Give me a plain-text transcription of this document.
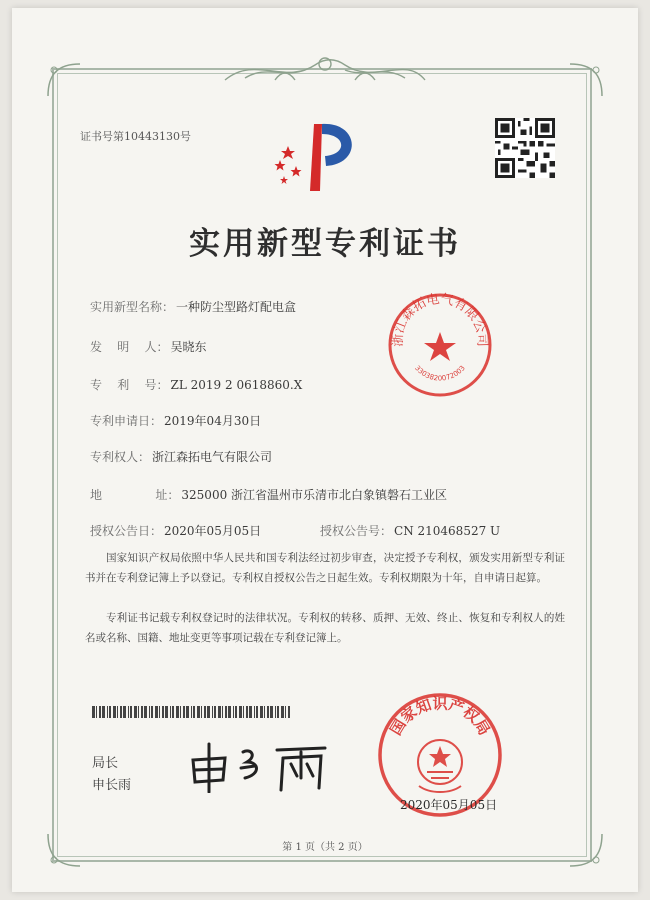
证书号第10443130号
实用新型专利证书
实用新型名称： 一种防尘型路灯配电盒
发    明    人： 吴晓东
专    利    号： ZL 2019 2 0618860.X
专利申请日： 2019年04月30日
专利权人： 浙江森拓电气有限公司
地              址： 325000 浙江省温州市乐清市北白象镇磐石工业区
授权公告日： 2020年05月05日	授权公告号： CN 210468527 U
国家知识产权局依照中华人民共和国专利法经过初步审查，决定授予专利权，颁发实用新型专利证书并在专利登记簿上予以登记。专利权自授权公告之日起生效。专利权期限为十年，自申请日起算。
专利证书记载专利权登记时的法律状况。专利权的转移、质押、无效、终止、恢复和专利权人的姓名或名称、国籍、地址变更等事项记载在专利登记簿上。
浙江森拓电气有限公司
3303820072003
局长
申长雨
国家知识产权局
2020年05月05日
第 1 页（共 2 页）
